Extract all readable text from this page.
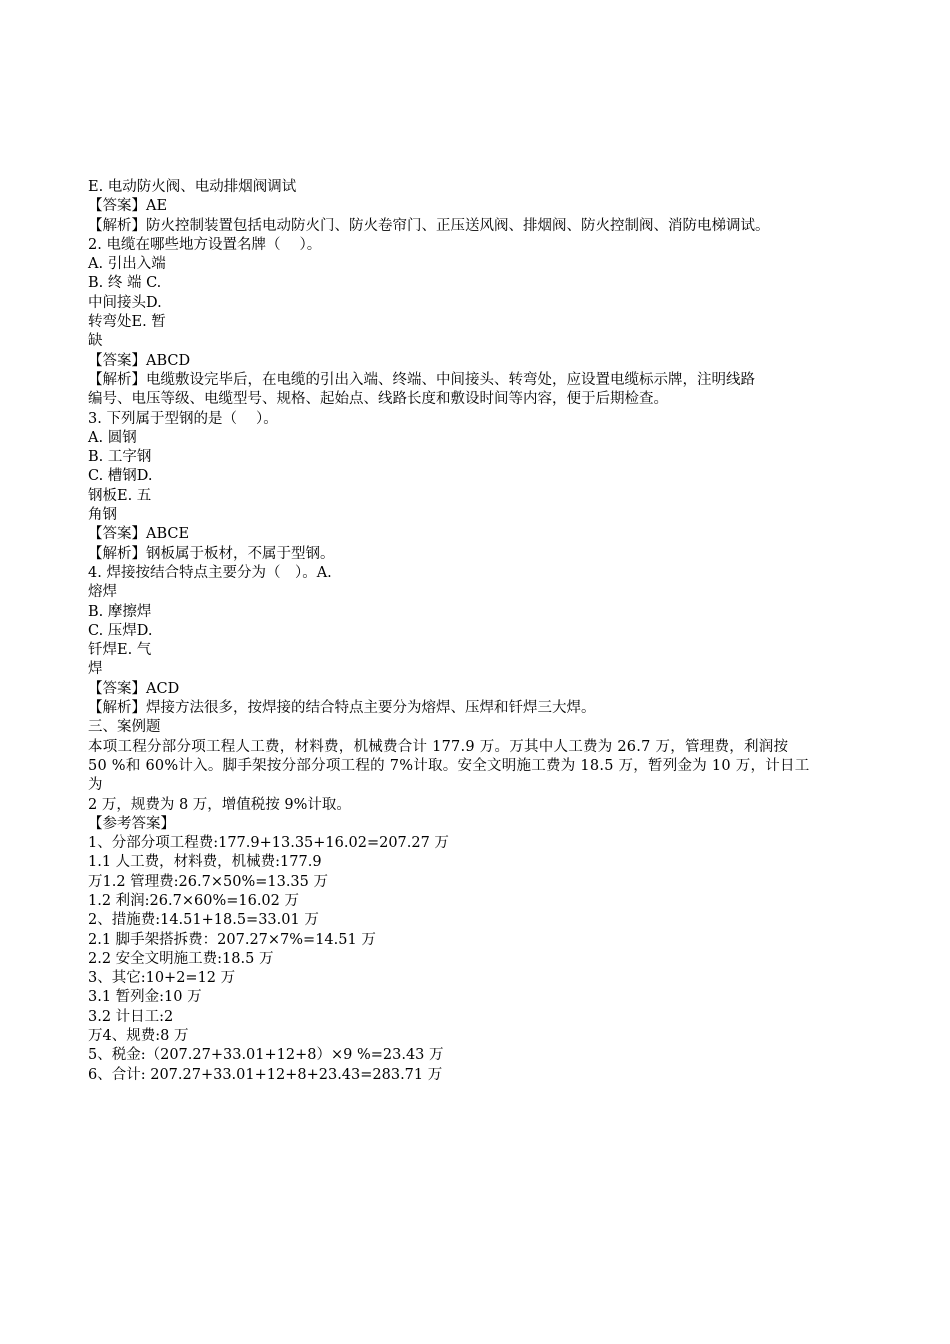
E. 电动防火阀、电动排烟阀调试
【答案】AE
【解析】防火控制装置包括电动防火门、防火卷帘门、正压送风阀、排烟阀、防火控制阀、消防电梯调试。
2. 电缆在哪些地方设置名牌（　 ）。
A. 引出入端
B. 终 端 C.
中间接头D.
转弯处E. 暂
缺
【答案】ABCD
【解析】电缆敷设完毕后，在电缆的引出入端、终端、中间接头、转弯处，应设置电缆标示牌，注明线路
编号、电压等级、电缆型号、规格、起始点、线路长度和敷设时间等内容，便于后期检查。
3. 下列属于型钢的是（　 ）。
A. 圆钢
B. 工字钢
C. 槽钢D.
钢板E. 五
角钢
【答案】ABCE
【解析】钢板属于板材，不属于型钢。
4. 焊接按结合特点主要分为（　）。A.
熔焊
B. 摩擦焊
C. 压焊D.
钎焊E. 气
焊
【答案】ACD
【解析】焊接方法很多，按焊接的结合特点主要分为熔焊、压焊和钎焊三大焊。
三、案例题
本项工程分部分项工程人工费，材料费，机械费合计 177.9 万。万其中人工费为 26.7 万，管理费，利润按
50 %和 60%计入。脚手架按分部分项工程的 7%计取。安全文明施工费为 18.5 万，暂列金为 10 万，计日工
为
2 万，规费为 8 万，增值税按 9%计取。
【参考答案】
1、分部分项工程费:177.9+13.35+16.02=207.27 万
1.1 人工费，材料费，机械费:177.9
万1.2 管理费:26.7×50%=13.35 万
1.2 利润:26.7×60%=16.02 万
2、措施费:14.51+18.5=33.01 万
2.1 脚手架搭拆费：207.27×7%=14.51 万
2.2 安全文明施工费:18.5 万
3、其它:10+2=12 万
3.1 暂列金:10 万
3.2 计日工:2
万4、规费:8 万
5、税金:（207.27+33.01+12+8）×9 %=23.43 万
6、合计: 207.27+33.01+12+8+23.43=283.71 万
